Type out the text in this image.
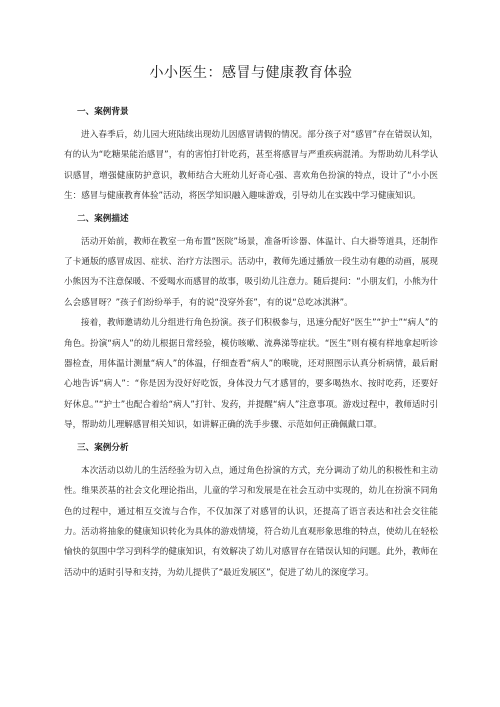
小小医生：感冒与健康教育体验
一、案例背景

进入春季后，幼儿园大班陆续出现幼儿因感冒请假的情况。部分孩子对“感冒”存在错误认知，有的认为“吃糖果能治感冒”，有的害怕打针吃药，甚至将感冒与严重疾病混淆。为帮助幼儿科学认识感冒，增强健康防护意识，教师结合大班幼儿好奇心强、喜欢角色扮演的特点，设计了“小小医生：感冒与健康教育体验”活动，将医学知识融入趣味游戏，引导幼儿在实践中学习健康知识。

二、案例描述

活动开始前，教师在教室一角布置“医院”场景，准备听诊器、体温计、白大褂等道具，还制作了卡通版的感冒成因、症状、治疗方法图示。活动中，教师先通过播放一段生动有趣的动画，展现小熊因为不注意保暖、不爱喝水而感冒的故事，吸引幼儿注意力。随后提问：“小朋友们，小熊为什么会感冒呀？”孩子们纷纷举手，有的说“没穿外套”，有的说“总吃冰淇淋”。

接着，教师邀请幼儿分组进行角色扮演。孩子们积极参与，迅速分配好“医生”“护士”“病人”的角色。扮演“病人”的幼儿根据日常经验，模仿咳嗽、流鼻涕等症状。“医生”则有模有样地拿起听诊器检查，用体温计测量“病人”的体温，仔细查看“病人”的喉咙，还对照图示认真分析病情，最后耐心地告诉“病人”：“你是因为没好好吃饭，身体没力气才感冒的，要多喝热水、按时吃药，还要好好休息。”“护士”也配合着给“病人”打针、发药，并提醒“病人”注意事项。游戏过程中，教师适时引导，帮助幼儿理解感冒相关知识，如讲解正确的洗手步骤、示范如何正确佩戴口罩。

三、案例分析

本次活动以幼儿的生活经验为切入点，通过角色扮演的方式，充分调动了幼儿的积极性和主动性。维果茨基的社会文化理论指出，儿童的学习和发展是在社会互动中实现的，幼儿在扮演不同角色的过程中，通过相互交流与合作，不仅加深了对感冒的认识，还提高了语言表达和社会交往能力。活动将抽象的健康知识转化为具体的游戏情境，符合幼儿直观形象思维的特点，使幼儿在轻松愉快的氛围中学习到科学的健康知识，有效解决了幼儿对感冒存在错误认知的问题。此外，教师在活动中的适时引导和支持，为幼儿提供了“最近发展区”，促进了幼儿的深度学习。
